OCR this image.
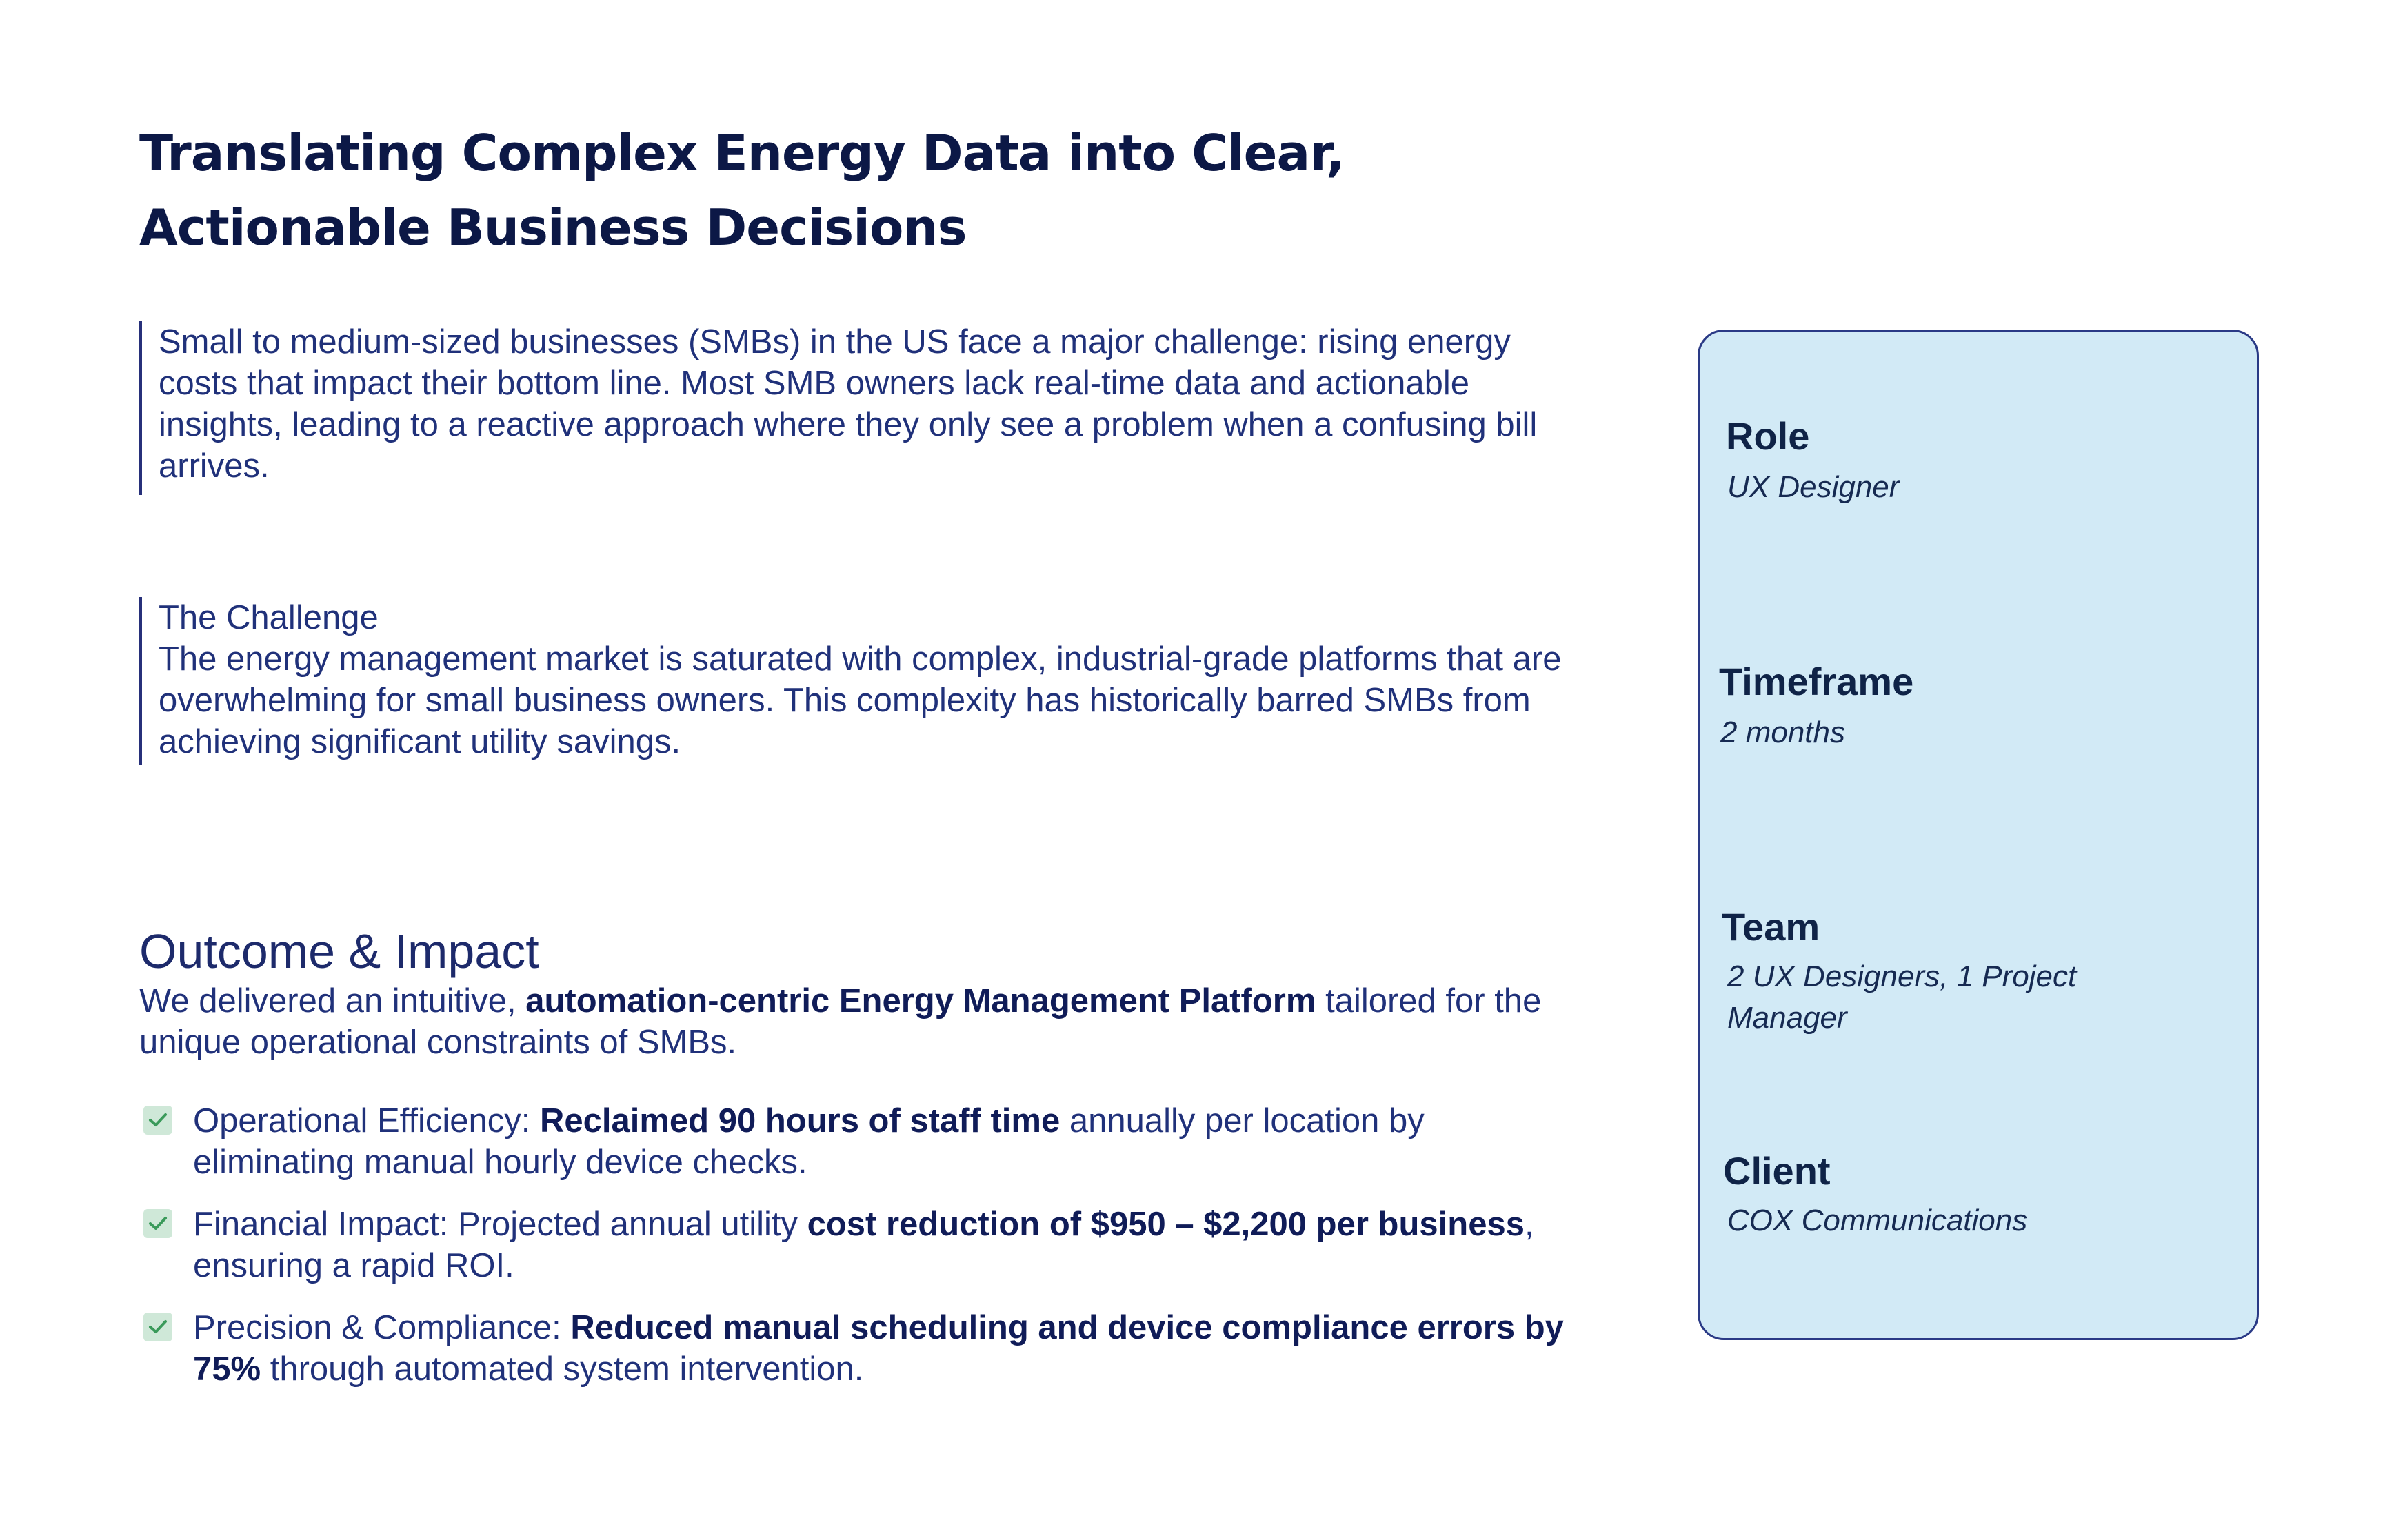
Translating Complex Energy Data into Clear,
Actionable Business Decisions
Small to medium-sized businesses (SMBs) in the US face a major challenge: rising energy costs that impact their bottom line. Most SMB owners lack real-time data and actionable insights, leading to a reactive approach where they only see a problem when a confusing bill arrives.
The Challenge
The energy management market is saturated with complex, industrial-grade platforms that are overwhelming for small business owners. This complexity has historically barred SMBs from achieving significant utility savings.
Outcome & Impact

We delivered an intuitive, automation-centric Energy Management Platform tailored for the unique operational constraints of SMBs.

Operational Efficiency: Reclaimed 90 hours of staff time annually per location by eliminating manual hourly device checks.
Financial Impact: Projected annual utility cost reduction of $950 – $2,200 per business, ensuring a rapid ROI.
Precision & Compliance: Reduced manual scheduling and device compliance errors by 75% through automated system intervention.
Role
UX Designer
Timeframe
2 months
Team
2 UX Designers, 1 Project
Manager
Client
COX Communications
